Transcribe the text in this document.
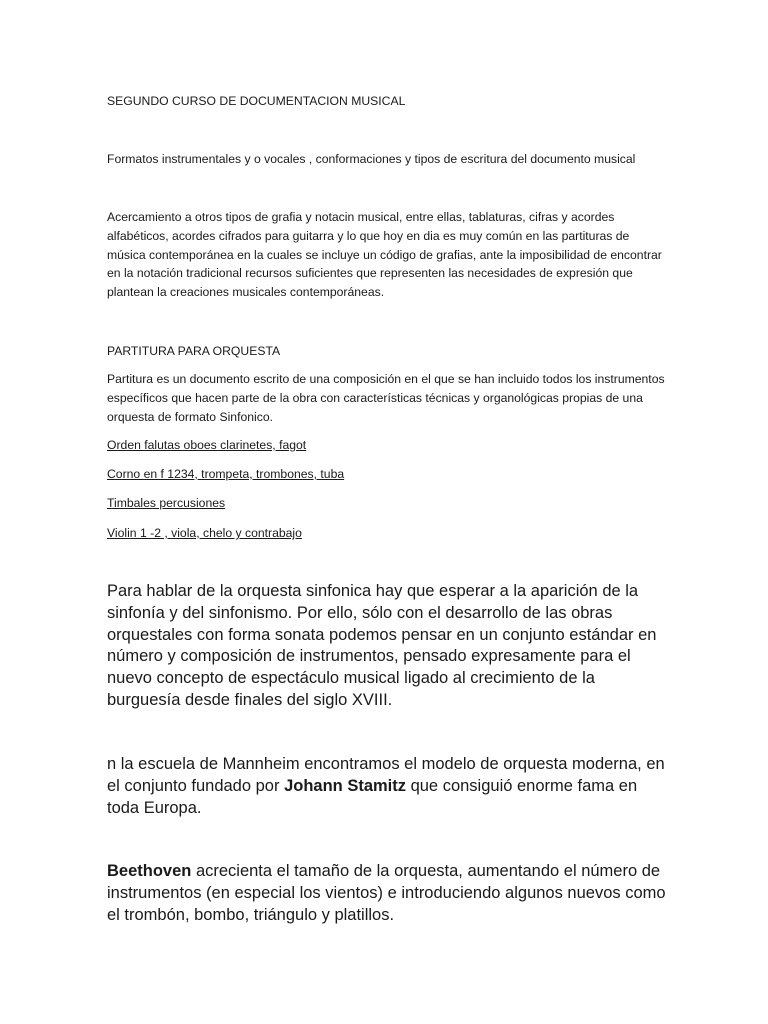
SEGUNDO CURSO DE DOCUMENTACION MUSICAL

Formatos instrumentales y o vocales , conformaciones y tipos de escritura del documento musical

Acercamiento a otros tipos de grafia y notacin musical, entre ellas, tablaturas, cifras y acordes alfabéticos, acordes cifrados para guitarra y lo que hoy en dia es muy común en las partituras de música contemporánea en la cuales se incluye un código de grafias, ante la imposibilidad de encontrar en la notación tradicional recursos suficientes que representen las necesidades de expresión que plantean la creaciones musicales contemporáneas.

PARTITURA PARA ORQUESTA

Partitura es un documento escrito de una composición en el que se han incluido todos los instrumentos específicos que hacen parte de la obra con características técnicas y organológicas propias de una orquesta de formato Sinfonico.

Orden falutas oboes clarinetes, fagot

Corno en f 1234, trompeta, trombones, tuba

Timbales percusiones

Violin 1 -2 , viola, chelo y contrabajo

Para hablar de la orquesta sinfonica hay que esperar a la aparición de la sinfonía y del sinfonismo. Por ello, sólo con el desarrollo de las obras orquestales con forma sonata podemos pensar en un conjunto estándar en número y composición de instrumentos, pensado expresamente para el nuevo concepto de espectáculo musical ligado al crecimiento de la burguesía desde finales del siglo XVIII.

n la escuela de Mannheim encontramos el modelo de orquesta moderna, en el conjunto fundado por Johann Stamitz que consiguió enorme fama en toda Europa.

Beethoven acrecienta el tamaño de la orquesta, aumentando el número de instrumentos (en especial los vientos) e introduciendo algunos nuevos como el trombón, bombo, triángulo y platillos.
